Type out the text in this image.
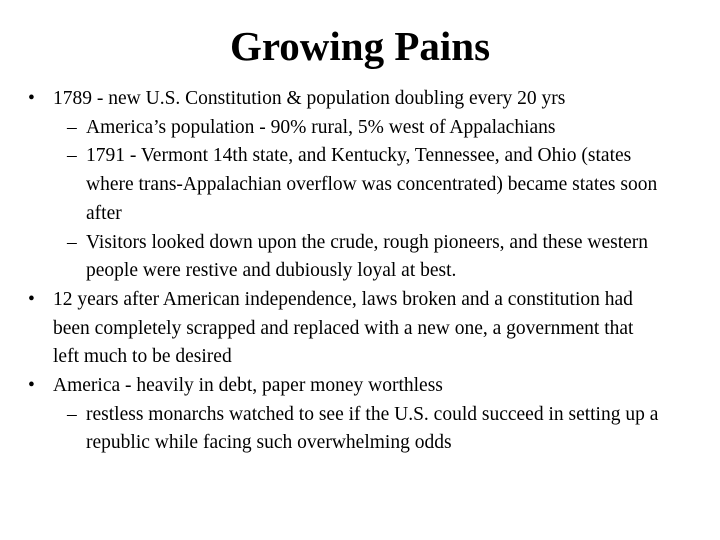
Growing Pains
• 1789 - new U.S. Constitution & population doubling every 20 yrs
– America’s population - 90% rural, 5% west of Appalachians
– 1791 - Vermont 14th state, and Kentucky, Tennessee, and Ohio (states where trans-Appalachian overflow was concentrated) became states soon after
– Visitors looked down upon the crude, rough pioneers, and these western people were restive and dubiously loyal at best.
• 12 years after American independence, laws broken and a constitution had been completely scrapped and replaced with a new one, a government that left much to be desired
• America - heavily in debt, paper money worthless
– restless monarchs watched to see if the U.S. could succeed in setting up a republic while facing such overwhelming odds
